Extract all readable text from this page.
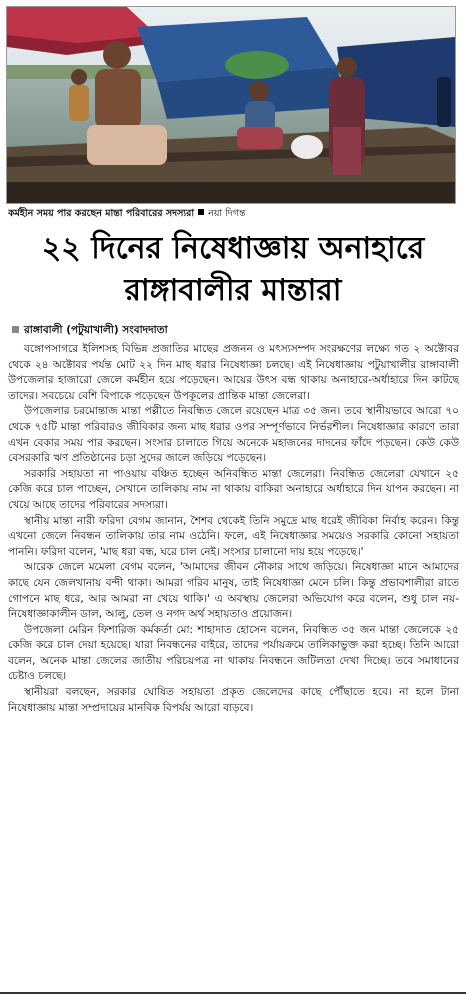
কর্মহীন সময় পার করছেন মান্তা পরিবারের সদস্যরা নয়া দিগন্ত
২২ দিনের নিষেধাজ্ঞায় অনাহারে
রাঙ্গাবালীর মান্তারা
রাঙ্গাবালী (পটুয়াখালী) সংবাদদাতা

বঙ্গোপসাগরে ইলিশসহ বিভিন্ন প্রজাতির মাছের প্রজনন ও মৎস্যসম্পদ সংরক্ষণের লক্ষ্যে গত ২ অক্টোবর থেকে ২৪ অক্টোবর পর্যন্ত মোট ২২ দিন মাছ ধরার নিষেধাজ্ঞা চলছে। এই নিষেধাজ্ঞায় পটুয়াখালীর রাঙ্গাবালী উপজেলার হাজারো জেলে কর্মহীন হয়ে পড়েছেন। আয়ের উৎস বন্ধ থাকায় অনাহারে-অর্ধাহারে দিন কাটছে তাদের। সবচেয়ে বেশি বিপাকে পড়েছেন উপকূলের প্রান্তিক মান্তা জেলেরা।

উপজেলার চরমোন্তাজ মান্তা পল্লীতে নিবন্ধিত জেলে রয়েছেন মাত্র ৩৫ জন। তবে স্থানীয়ভাবে আরো ৭০ থেকে ৭৫টি মান্তা পরিবারও জীবিকার জন্য মাছ ধরার ওপর সম্পূর্ণভাবে নির্ভরশীল। নিষেধাজ্ঞার কারণে তারা এখন বেকার সময় পার করছেন। সংসার চালাতে গিয়ে অনেকে মহাজনের দাদনের ফাঁদে পড়ছেন। কেউ কেউ বেসরকারি ঋণ প্রতিষ্ঠানের চড়া সুদের জালে জড়িয়ে পড়েছেন।

সরকারি সহায়তা না পাওয়ায় বঞ্চিত হচ্ছেন অনিবন্ধিত মান্তা জেলেরা। নিবন্ধিত জেলেরা যেখানে ২৫ কেজি করে চাল পাচ্ছেন, সেখানে তালিকায় নাম না থাকায় বাকিরা অনাহারে অর্ধাহারে দিন যাপন করছেন। না খেয়ে আছে তাদের পরিবারের সদস্যরা।

স্থানীয় মান্তা নারী ফরিদা বেগম জানান, শৈশব থেকেই তিনি সমুদ্রে মাছ ধরেই জীবিকা নির্বাহ করেন। কিন্তু এখনো জেলে নিবন্ধন তালিকায় তার নাম ওঠেনি। ফলে, এই নিষেধাজ্ঞার সময়েও সরকারি কোনো সহায়তা পাননি। ফরিদা বলেন, 'মাছ ধরা বন্ধ, ঘরে চাল নেই। সংসার চালানো দায় হয়ে পড়েছে।'

আরেক জেলে মমেলা বেগম বলেন, 'আমাদের জীবন নৌকার সাথে জড়িয়ে। নিষেধাজ্ঞা মানে আমাদের কাছে যেন জেলখানায় বন্দী থাকা। আমরা গরিব মানুষ, তাই নিষেধাজ্ঞা মেনে চলি। কিন্তু প্রভাবশালীরা রাতে গোপনে মাছ ধরে, আর আমরা না খেয়ে থাকি।' এ অবস্থায় জেলেরা অভিযোগ করে বলেন, শুধু চাল নয়- নিষেধাজ্ঞাকালীন ডাল, আলু, তেল ও নগদ অর্থ সহায়তাও প্রয়োজন।

উপজেলা মেরিন ফিশারিজ কর্মকর্তা মো: শাহাদাত হোসেন বলেন, নিবন্ধিত ৩৫ জন মান্তা জেলেকে ২৫ কেজি করে চাল দেয়া হয়েছে। যারা নিবন্ধনের বাইরে, তাদের পর্যায়ক্রমে তালিকাভুক্ত করা হচ্ছে। তিনি আরো বলেন, অনেক মান্তা জেলের জাতীয় পরিচয়পত্র না থাকায় নিবন্ধনে জটিলতা দেখা দিচ্ছে। তবে সমাধানের চেষ্টাও চলছে।

স্থানীয়রা বলছেন, সরকার ঘোষিত সহায়তা প্রকৃত জেলেদের কাছে পৌঁছাতে হবে। না হলে টানা নিষেধাজ্ঞায় মান্তা সম্প্রদায়ের মানবিক বিপর্যয় আরো বাড়বে।
